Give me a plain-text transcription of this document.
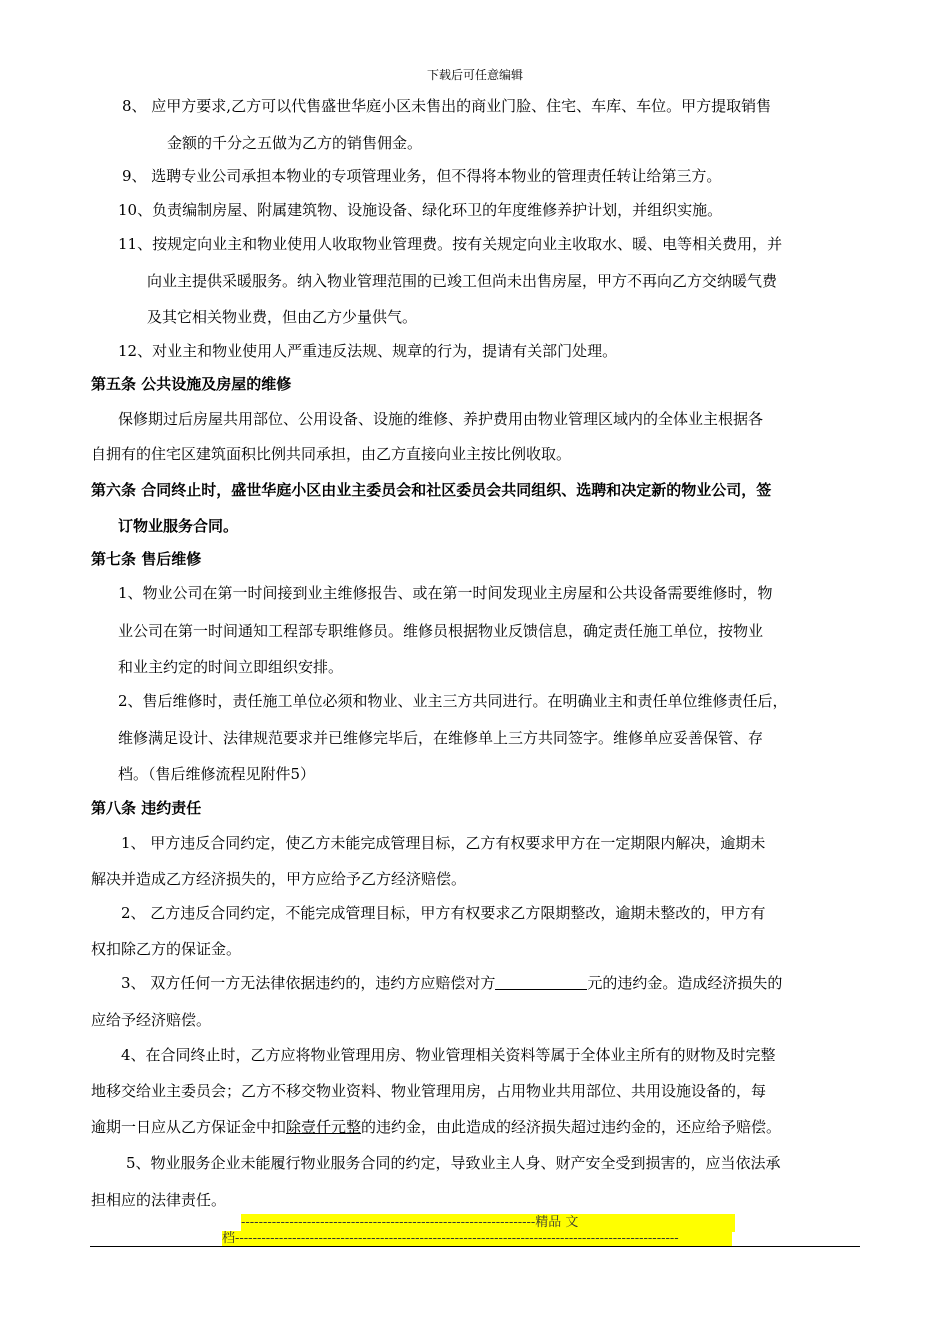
下载后可任意编辑
8、 应甲方要求,乙方可以代售盛世华庭小区未售出的商业门脸、住宅、车库、车位。甲方提取销售
金额的千分之五做为乙方的销售佣金。
9、 选聘专业公司承担本物业的专项管理业务，但不得将本物业的管理责任转让给第三方。
10、负责编制房屋、附属建筑物、设施设备、绿化环卫的年度维修养护计划，并组织实施。
11、按规定向业主和物业使用人收取物业管理费。按有关规定向业主收取水、暖、电等相关费用，并
向业主提供采暖服务。纳入物业管理范围的已竣工但尚未出售房屋，甲方不再向乙方交纳暖气费
及其它相关物业费，但由乙方少量供气。
12、对业主和物业使用人严重违反法规、规章的行为，提请有关部门处理。
第五条 公共设施及房屋的维修
保修期过后房屋共用部位、公用设备、设施的维修、养护费用由物业管理区域内的全体业主根据各
自拥有的住宅区建筑面积比例共同承担，由乙方直接向业主按比例收取。
第六条 合同终止时，盛世华庭小区由业主委员会和社区委员会共同组织、选聘和决定新的物业公司，签
订物业服务合同。
第七条 售后维修
1、物业公司在第一时间接到业主维修报告、或在第一时间发现业主房屋和公共设备需要维修时，物
业公司在第一时间通知工程部专职维修员。维修员根据物业反馈信息，确定责任施工单位，按物业
和业主约定的时间立即组织安排。
2、售后维修时，责任施工单位必须和物业、业主三方共同进行。在明确业主和责任单位维修责任后，
维修满足设计、法律规范要求并已维修完毕后，在维修单上三方共同签字。维修单应妥善保管、存
档。（售后维修流程见附件5）
第八条 违约责任
1、 甲方违反合同约定，使乙方未能完成管理目标，乙方有权要求甲方在一定期限内解决，逾期未
解决并造成乙方经济损失的，甲方应给予乙方经济赔偿。
2、 乙方违反合同约定，不能完成管理目标，甲方有权要求乙方限期整改，逾期未整改的，甲方有
权扣除乙方的保证金。
3、 双方任何一方无法律依据违约的，违约方应赔偿对方	元的违约金。造成经济损失的
应给予经济赔偿。
4、在合同终止时，乙方应将物业管理用房、物业管理相关资料等属于全体业主所有的财物及时完整
地移交给业主委员会；乙方不移交物业资料、物业管理用房，占用物业共用部位、共用设施设备的，每
逾期一日应从乙方保证金中扣除壹仟元整的违约金，由此造成的经济损失超过违约金的，还应给予赔偿。
5、物业服务企业未能履行物业服务合同的约定，导致业主人身、财产安全受到损害的，应当依法承
担相应的法律责任。
-------------------------------------------------------------------精品 文
档-----------------------------------------------------------------------------------------------------
